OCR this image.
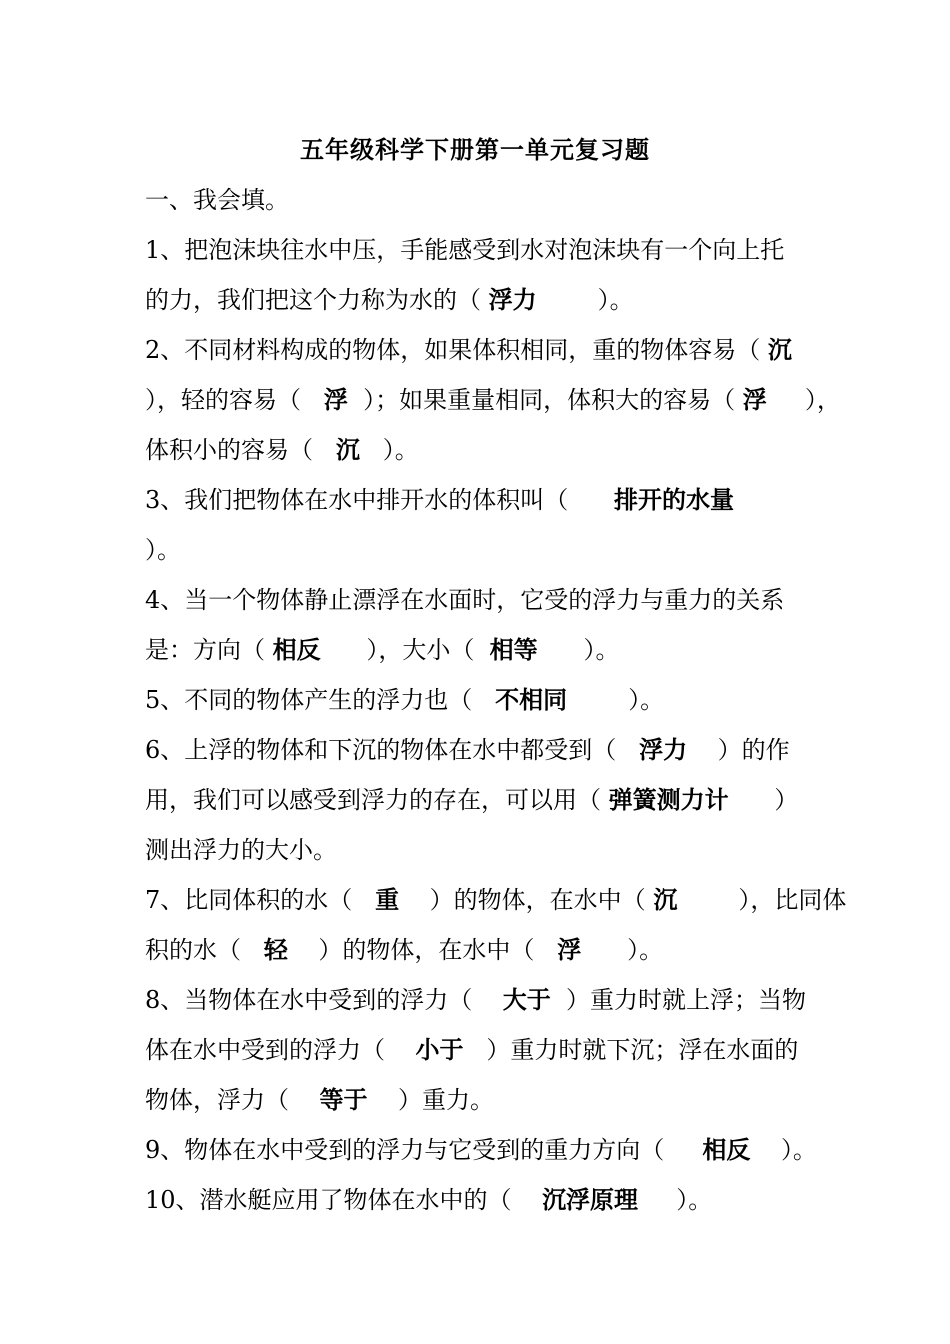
五年级科学下册第一单元复习题
一、我会填。
1、把泡沫块往水中压，手能感受到水对泡沫块有一个向上托
的力，我们把这个力称为水的（ 浮力        ）。
2、不同材料构成的物体，如果体积相同，重的物体容易（ 沉
），轻的容易（   浮  ）；如果重量相同，体积大的容易（ 浮     ），
体积小的容易（   沉   ）。
3、我们把物体在水中排开水的体积叫（      排开的水量
）。
4、当一个物体静止漂浮在水面时，它受的浮力与重力的关系
是：方向（ 相反      ），大小（  相等      ）。
5、不同的物体产生的浮力也（   不相同        ）。
6、上浮的物体和下沉的物体在水中都受到（   浮力    ）的作
用，我们可以感受到浮力的存在，可以用（ 弹簧测力计      ）
测出浮力的大小。
7、比同体积的水（   重    ）的物体，在水中（ 沉        ），比同体
积的水（   轻    ）的物体，在水中（   浮      ）。
8、当物体在水中受到的浮力（    大于  ）重力时就上浮；当物
体在水中受到的浮力（    小于   ）重力时就下沉；浮在水面的
物体，浮力（    等于    ）重力。
9、物体在水中受到的浮力与它受到的重力方向（     相反    ）。
10、潜水艇应用了物体在水中的（    沉浮原理     ）。
